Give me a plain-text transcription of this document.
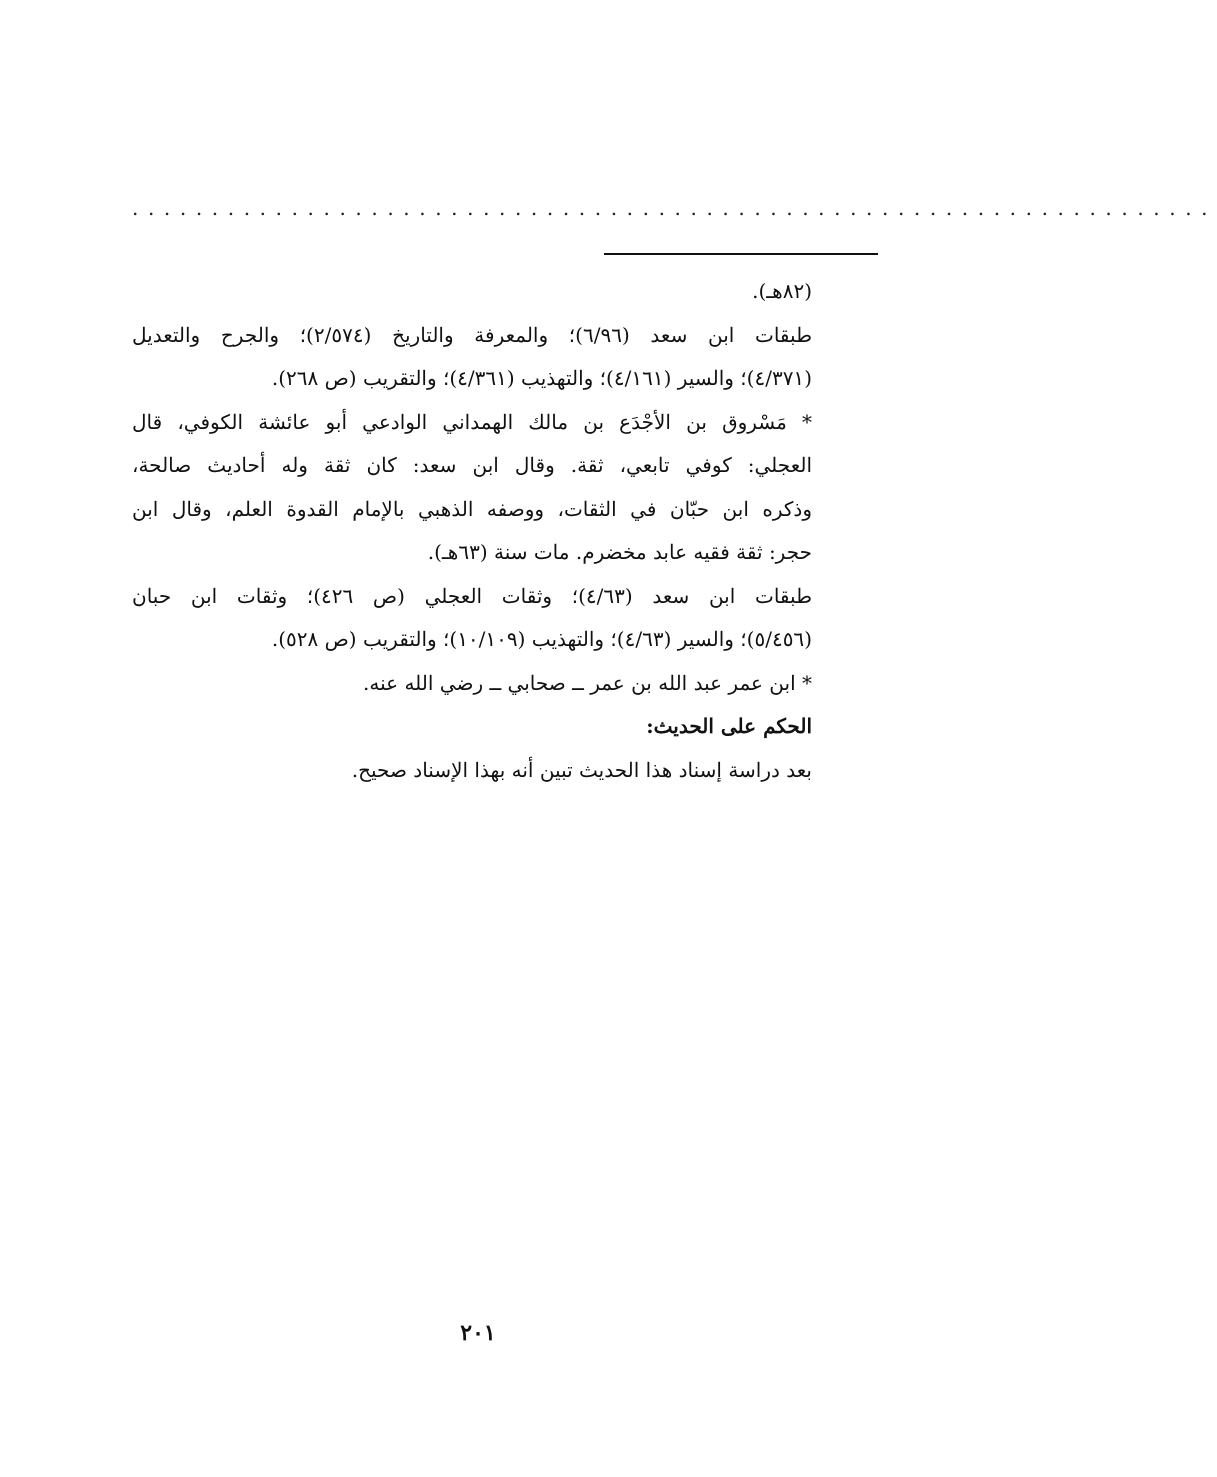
....................................................................
(٨٢هـ).
طبقات ابن سعد (٦/٩٦)؛ والمعرفة والتاريخ (٢/٥٧٤)؛ والجرح والتعديل
(٤/٣٧١)؛ والسير (٤/١٦١)؛ والتهذيب (٤/٣٦١)؛ والتقريب (ص ٢٦٨).
* مَسْروق بن الأجْدَع بن مالك الهمداني الوادعي أبو عائشة الكوفي، قال
العجلي: كوفي تابعي، ثقة. وقال ابن سعد: كان ثقة وله أحاديث صالحة،
وذكره ابن حبّان في الثقات، ووصفه الذهبي بالإمام القدوة العلم، وقال ابن
حجر: ثقة فقيه عابد مخضرم. مات سنة (٦٣هـ).
طبقات ابن سعد (٤/٦٣)؛ وثقات العجلي (ص ٤٢٦)؛ وثقات ابن حبان
(٥/٤٥٦)؛ والسير (٤/٦٣)؛ والتهذيب (١٠/١٠٩)؛ والتقريب (ص ٥٢٨).
* ابن عمر عبد الله بن عمر ــ صحابي ــ رضي الله عنه.
الحكم على الحديث:
بعد دراسة إسناد هذا الحديث تبين أنه بهذا الإسناد صحيح.
٢٠١
